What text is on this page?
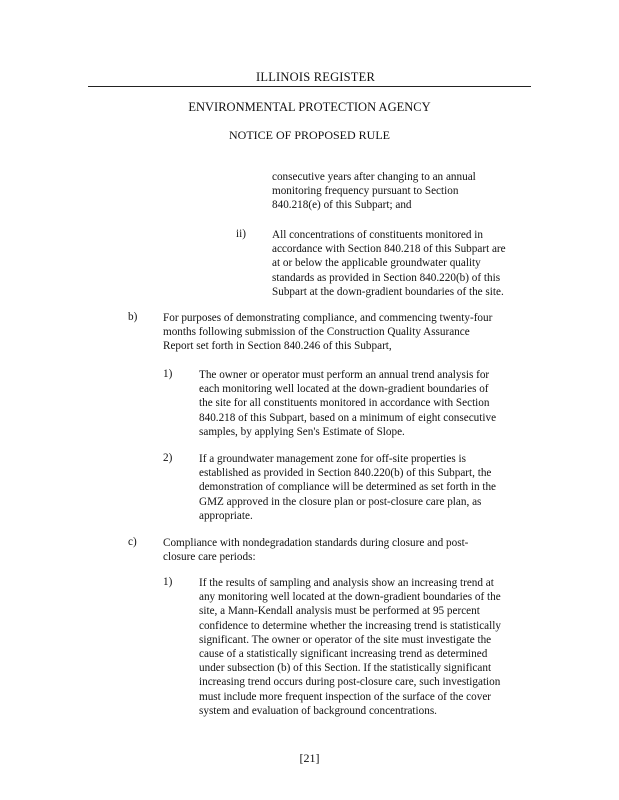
ILLINOIS REGISTER
ENVIRONMENTAL PROTECTION AGENCY
NOTICE OF PROPOSED RULE
consecutive years after changing to an annual
monitoring frequency pursuant to Section
840.218(e) of this Subpart; and
ii) All concentrations of constituents monitored in
accordance with Section 840.218 of this Subpart are
at or below the applicable groundwater quality
standards as provided in Section 840.220(b) of this
Subpart at the down-gradient boundaries of the site.
b) For purposes of demonstrating compliance, and commencing twenty-four
months following submission of the Construction Quality Assurance
Report set forth in Section 840.246 of this Subpart,
1) The owner or operator must perform an annual trend analysis for
each monitoring well located at the down-gradient boundaries of
the site for all constituents monitored in accordance with Section
840.218 of this Subpart, based on a minimum of eight consecutive
samples, by applying Sen's Estimate of Slope.
2) If a groundwater management zone for off-site properties is
established as provided in Section 840.220(b) of this Subpart, the
demonstration of compliance will be determined as set forth in the
GMZ approved in the closure plan or post-closure care plan, as
appropriate.
c) Compliance with nondegradation standards during closure and post-
closure care periods:
1) If the results of sampling and analysis show an increasing trend at
any monitoring well located at the down-gradient boundaries of the
site, a Mann-Kendall analysis must be performed at 95 percent
confidence to determine whether the increasing trend is statistically
significant. The owner or operator of the site must investigate the
cause of a statistically significant increasing trend as determined
under subsection (b) of this Section. If the statistically significant
increasing trend occurs during post-closure care, such investigation
must include more frequent inspection of the surface of the cover
system and evaluation of background concentrations.
[21]
